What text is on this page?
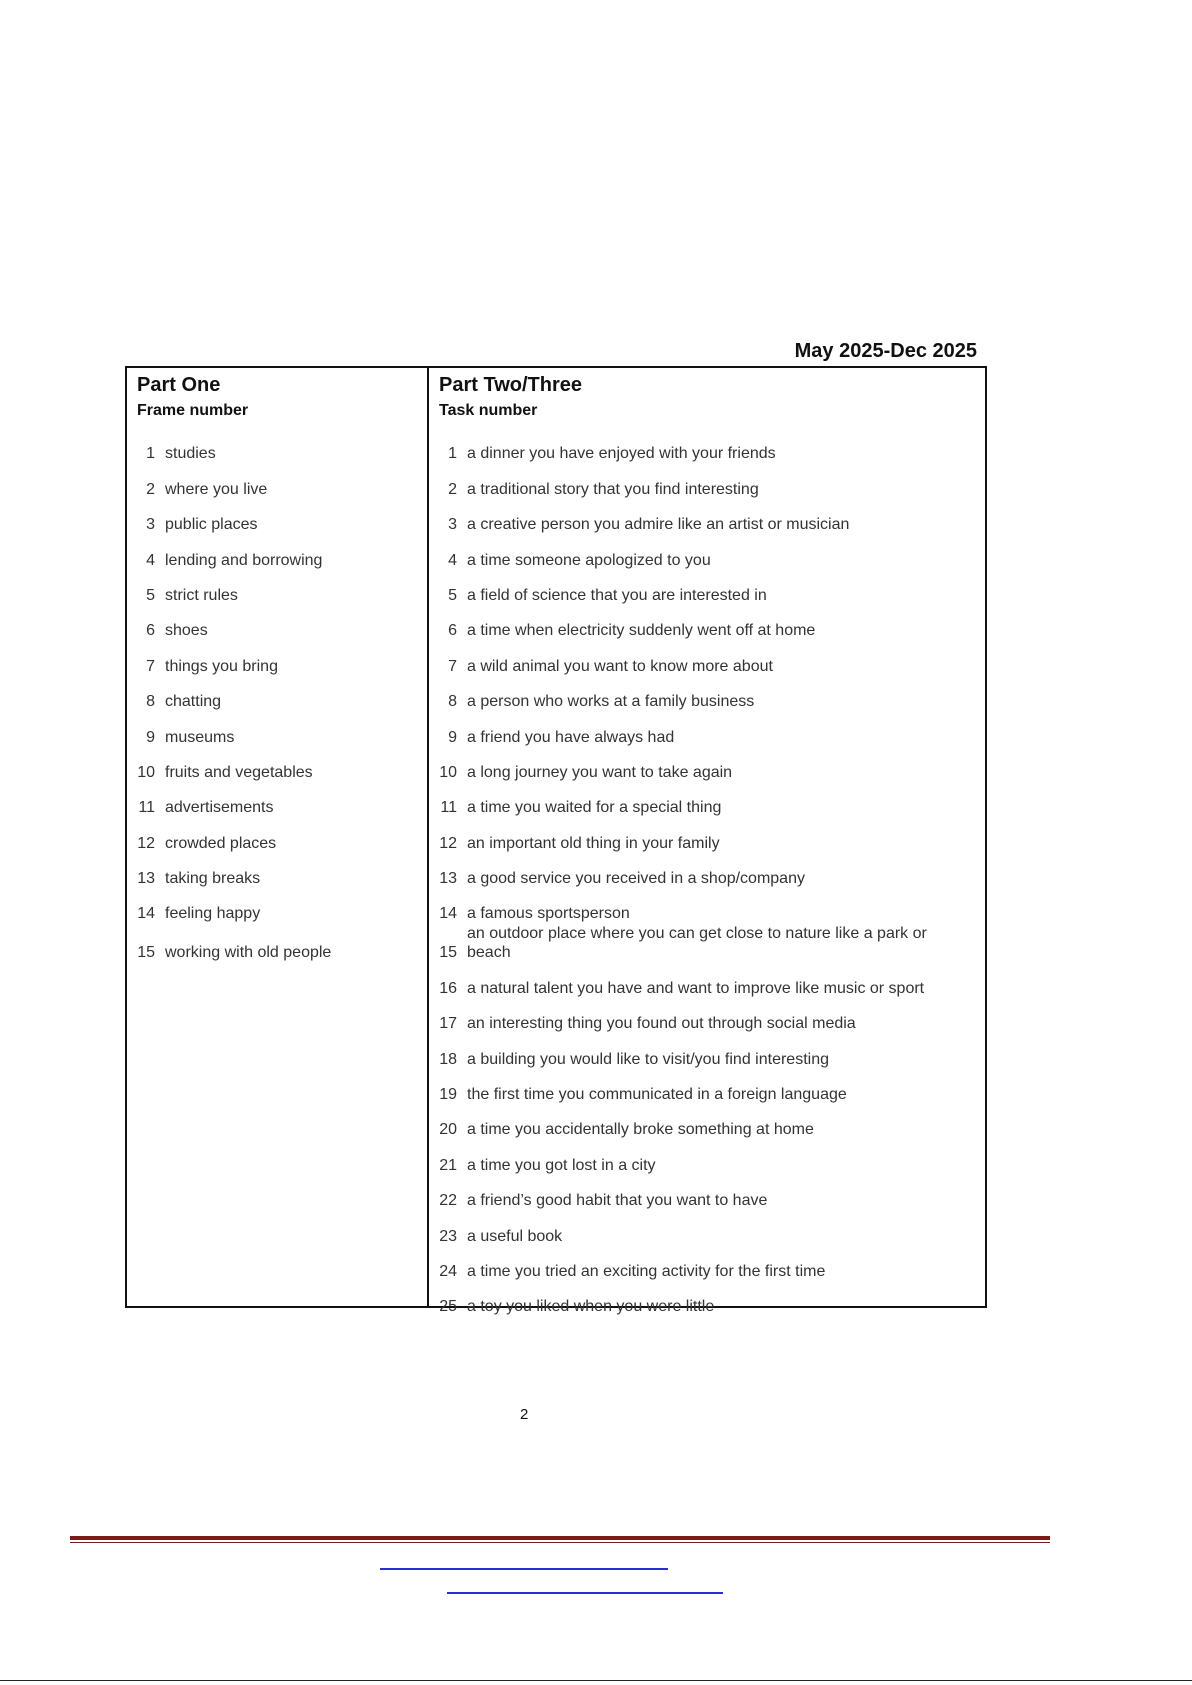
May 2025-Dec 2025
Part One
Frame number
1 studies
2 where you live
3 public places
4 lending and borrowing
5 strict rules
6 shoes
7 things you bring
8 chatting
9 museums
10 fruits and vegetables
11 advertisements
12 crowded places
13 taking breaks
14 feeling happy
15 working with old people
Part Two/Three
Task number
1 a dinner you have enjoyed with your friends
2 a traditional story that you find interesting
3 a creative person you admire like an artist or musician
4 a time someone apologized to you
5 a field of science that you are interested in
6 a time when electricity suddenly went off at home
7 a wild animal you want to know more about
8 a person who works at a family business
9 a friend you have always had
10 a long journey you want to take again
11 a time you waited for a special thing
12 an important old thing in your family
13 a good service you received in a shop/company
14 a famous sportsperson
15
an outdoor place where you can get close to nature like a park or beach
16 a natural talent you have and want to improve like music or sport
17 an interesting thing you found out through social media
18 a building you would like to visit/you find interesting
19 the first time you communicated in a foreign language
20 a time you accidentally broke something at home
21 a time you got lost in a city
22 a friend’s good habit that you want to have
23 a useful book
24 a time you tried an exciting activity for the first time
25 a toy you liked when you were little
2
